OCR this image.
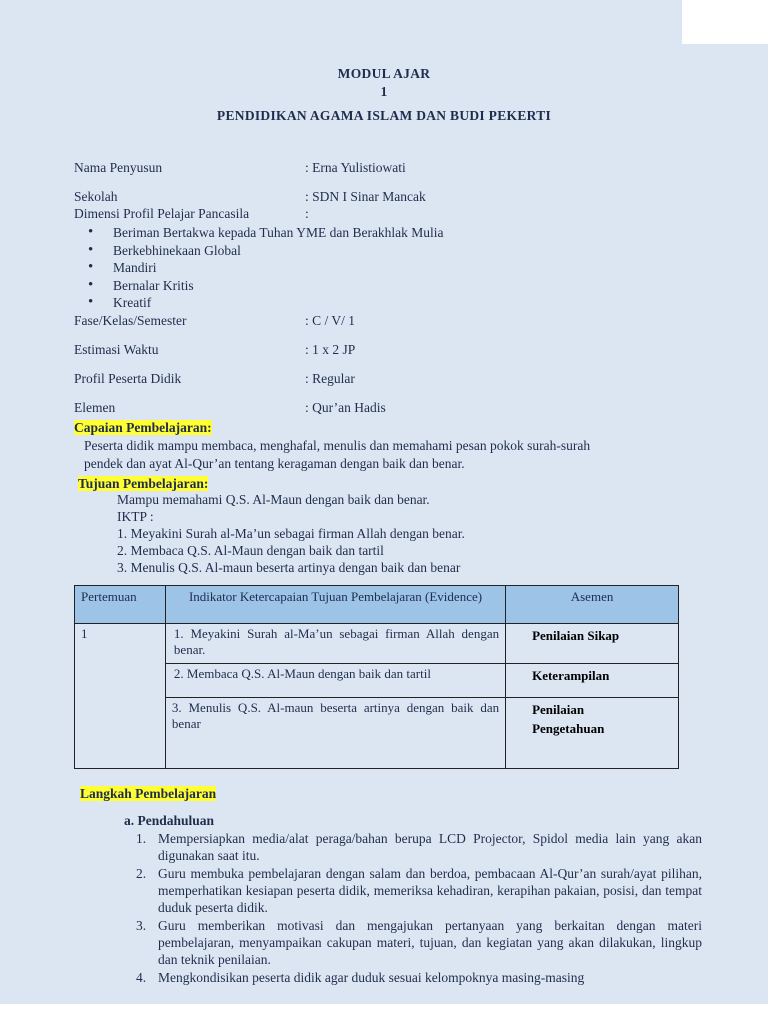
MODUL AJAR
1
PENDIDIKAN AGAMA ISLAM DAN BUDI PEKERTI
Nama Penyusun	: Erna Yulistiowati
Sekolah	: SDN I Sinar Mancak
Dimensi Profil Pelajar Pancasila	:
• Beriman Bertakwa kepada Tuhan YME dan Berakhlak Mulia
• Berkebhinekaan Global
• Mandiri
• Bernalar Kritis
• Kreatif
Fase/Kelas/Semester	: C / V/ 1
Estimasi Waktu	: 1 x 2 JP
Profil Peserta Didik	: Regular
Elemen	: Qur’an Hadis
Capaian Pembelajaran:
Peserta didik mampu membaca, menghafal, menulis dan memahami pesan pokok surah-surah
pendek dan ayat Al-Qur’an tentang keragaman dengan baik dan benar.
Tujuan Pembelajaran:
Mampu memahami Q.S. Al-Maun dengan baik dan benar.
IKTP :
1. Meyakini Surah al-Ma’un sebagai firman Allah dengan benar.
2. Membaca Q.S. Al-Maun dengan baik dan tartil
3. Menulis Q.S. Al-maun beserta artinya dengan baik dan benar
Pertemuan	Indikator Ketercapaian Tujuan Pembelajaran (Evidence)	Asemen
1	1. Meyakini Surah al-Ma’un sebagai firman Allah dengan benar.	Penilaian Sikap
	2. Membaca Q.S. Al-Maun dengan baik dan tartil	Keterampilan
	3. Menulis Q.S. Al-maun beserta artinya dengan baik dan benar	Penilaian Pengetahuan
Langkah Pembelajaran
a. Pendahuluan
1. Mempersiapkan media/alat peraga/bahan berupa LCD Projector, Spidol media lain yang akan digunakan saat itu.
2. Guru membuka pembelajaran dengan salam dan berdoa, pembacaan Al-Qur’an surah/ayat pilihan, memperhatikan kesiapan peserta didik, memeriksa kehadiran, kerapihan pakaian, posisi, dan tempat duduk peserta didik.
3. Guru memberikan motivasi dan mengajukan pertanyaan yang berkaitan dengan materi pembelajaran, menyampaikan cakupan materi, tujuan, dan kegiatan yang akan dilakukan, lingkup dan teknik penilaian.
4. Mengkondisikan peserta didik agar duduk sesuai kelompoknya masing-masing
